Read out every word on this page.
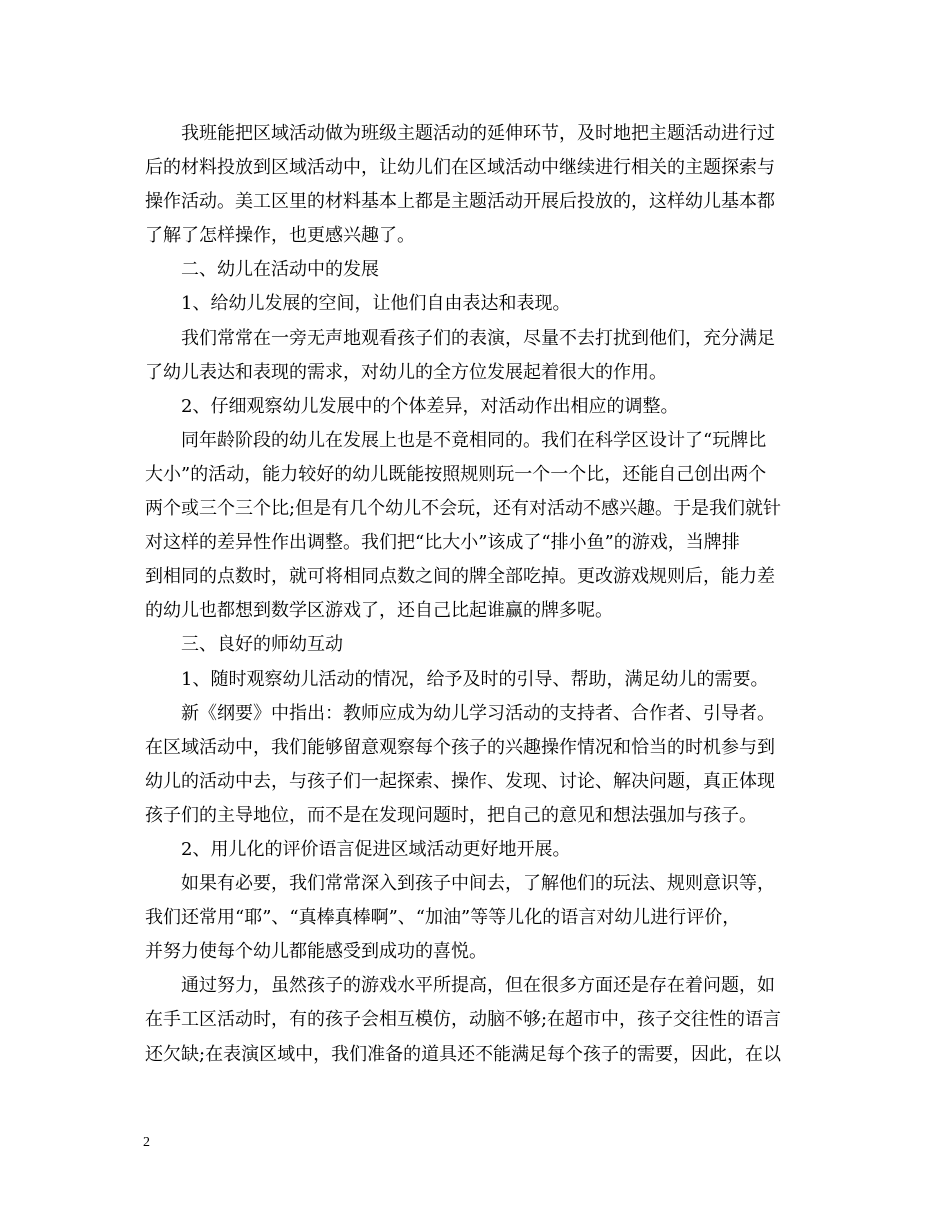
我班能把区域活动做为班级主题活动的延伸环节，及时地把主题活动进行过
后的材料投放到区域活动中，让幼儿们在区域活动中继续进行相关的主题探索与
操作活动。美工区里的材料基本上都是主题活动开展后投放的，这样幼儿基本都
了解了怎样操作，也更感兴趣了。

二、幼儿在活动中的发展

1、给幼儿发展的空间，让他们自由表达和表现。

我们常常在一旁无声地观看孩子们的表演，尽量不去打扰到他们，充分满足
了幼儿表达和表现的需求，对幼儿的全方位发展起着很大的作用。

2、仔细观察幼儿发展中的个体差异，对活动作出相应的调整。

同年龄阶段的幼儿在发展上也是不竟相同的。我们在科学区设计了“玩牌比
大小”的活动，能力较好的幼儿既能按照规则玩一个一个比，还能自己创出两个
两个或三个三个比;但是有几个幼儿不会玩，还有对活动不感兴趣。于是我们就针
对这样的差异性作出调整。我们把“比大小”该成了“排小鱼”的游戏，当牌排
到相同的点数时，就可将相同点数之间的牌全部吃掉。更改游戏规则后，能力差
的幼儿也都想到数学区游戏了，还自己比起谁赢的牌多呢。

三、良好的师幼互动

1、随时观察幼儿活动的情况，给予及时的引导、帮助，满足幼儿的需要。

新《纲要》中指出：教师应成为幼儿学习活动的支持者、合作者、引导者。
在区域活动中，我们能够留意观察每个孩子的兴趣操作情况和恰当的时机参与到
幼儿的活动中去，与孩子们一起探索、操作、发现、讨论、解决问题，真正体现
孩子们的主导地位，而不是在发现问题时，把自己的意见和想法强加与孩子。

2、用儿化的评价语言促进区域活动更好地开展。

如果有必要，我们常常深入到孩子中间去，了解他们的玩法、规则意识等，
我们还常用“耶”、“真棒真棒啊”、“加油”等等儿化的语言对幼儿进行评价，
并努力使每个幼儿都能感受到成功的喜悦。

通过努力，虽然孩子的游戏水平所提高，但在很多方面还是存在着问题，如
在手工区活动时，有的孩子会相互模仿，动脑不够;在超市中，孩子交往性的语言
还欠缺;在表演区域中，我们准备的道具还不能满足每个孩子的需要，因此，在以

2
